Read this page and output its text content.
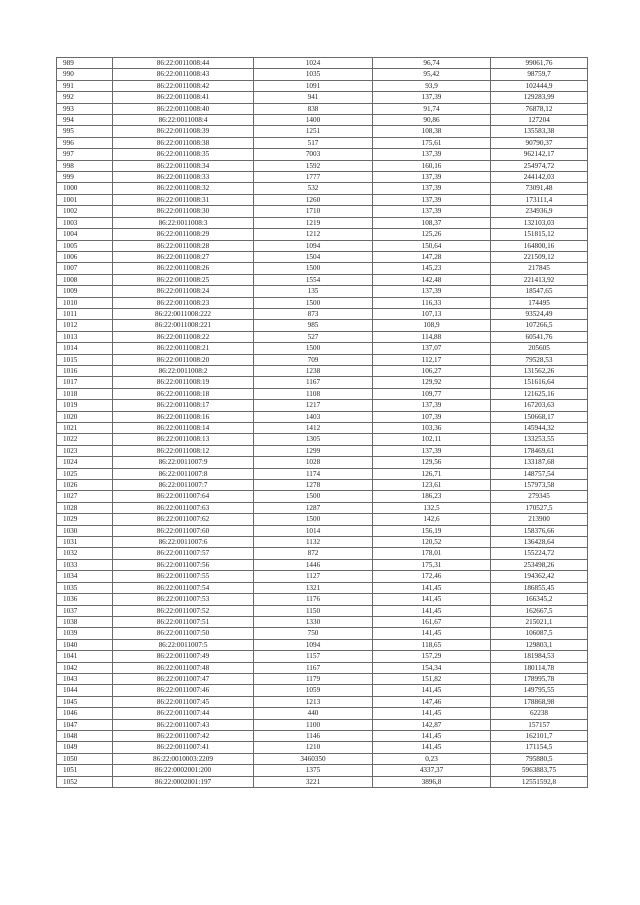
989	86:22:0011008:44	1024	96,74	99061,76
990	86:22:0011008:43	1035	95,42	98759,7
991	86:22:0011008:42	1091	93,9	102444,9
992	86:22:0011008:41	941	137,39	129283,99
993	86:22:0011008:40	838	91,74	76878,12
994	86:22:0011008:4	1400	90,86	127204
995	86:22:0011008:39	1251	108,38	135583,38
996	86:22:0011008:38	517	175,61	90790,37
997	86:22:0011008:35	7003	137,39	962142,17
998	86:22:0011008:34	1592	160,16	254974,72
999	86:22:0011008:33	1777	137,39	244142,03
1000	86:22:0011008:32	532	137,39	73091,48
1001	86:22:0011008:31	1260	137,39	173111,4
1002	86:22:0011008:30	1710	137,39	234936,9
1003	86:22:0011008:3	1219	108,37	132103,03
1004	86:22:0011008:29	1212	125,26	151815,12
1005	86:22:0011008:28	1094	150,64	164800,16
1006	86:22:0011008:27	1504	147,28	221509,12
1007	86:22:0011008:26	1500	145,23	217845
1008	86:22:0011008:25	1554	142,48	221413,92
1009	86:22:0011008:24	135	137,39	18547,65
1010	86:22:0011008:23	1500	116,33	174495
1011	86:22:0011008:222	873	107,13	93524,49
1012	86:22:0011008:221	985	108,9	107266,5
1013	86:22:0011008:22	527	114,88	60541,76
1014	86:22:0011008:21	1500	137,07	205605
1015	86:22:0011008:20	709	112,17	79528,53
1016	86:22:0011008:2	1238	106,27	131562,26
1017	86:22:0011008:19	1167	129,92	151616,64
1018	86:22:0011008:18	1108	109,77	121625,16
1019	86:22:0011008:17	1217	137,39	167203,63
1020	86:22:0011008:16	1403	107,39	150668,17
1021	86:22:0011008:14	1412	103,36	145944,32
1022	86:22:0011008:13	1305	102,11	133253,55
1023	86:22:0011008:12	1299	137,39	178469,61
1024	86:22:0011007:9	1028	129,56	133187,68
1025	86:22:0011007:8	1174	126,71	148757,54
1026	86:22:0011007:7	1278	123,61	157973,58
1027	86:22:0011007:64	1500	186,23	279345
1028	86:22:0011007:63	1287	132,5	170527,5
1029	86:22:0011007:62	1500	142,6	213900
1030	86:22:0011007:60	1014	156,19	158376,66
1031	86:22:0011007:6	1132	120,52	136428,64
1032	86:22:0011007:57	872	178,01	155224,72
1033	86:22:0011007:56	1446	175,31	253498,26
1034	86:22:0011007:55	1127	172,46	194362,42
1035	86:22:0011007:54	1321	141,45	186855,45
1036	86:22:0011007:53	1176	141,45	166345,2
1037	86:22:0011007:52	1150	141,45	162667,5
1038	86:22:0011007:51	1330	161,67	215021,1
1039	86:22:0011007:50	750	141,45	106087,5
1040	86:22:0011007:5	1094	118,65	129803,1
1041	86:22:0011007:49	1157	157,29	181984,53
1042	86:22:0011007:48	1167	154,34	180114,78
1043	86:22:0011007:47	1179	151,82	178995,78
1044	86:22:0011007:46	1059	141,45	149795,55
1045	86:22:0011007:45	1213	147,46	178868,98
1046	86:22:0011007:44	440	141,45	62238
1047	86:22:0011007:43	1100	142,87	157157
1048	86:22:0011007:42	1146	141,45	162101,7
1049	86:22:0011007:41	1210	141,45	171154,5
1050	86:22:0010003:2209	3460350	0,23	795880,5
1051	86:22:0002001:200	1375	4337,37	5963883,75
1052	86:22:0002001:197	3221	3896,8	12551592,8
